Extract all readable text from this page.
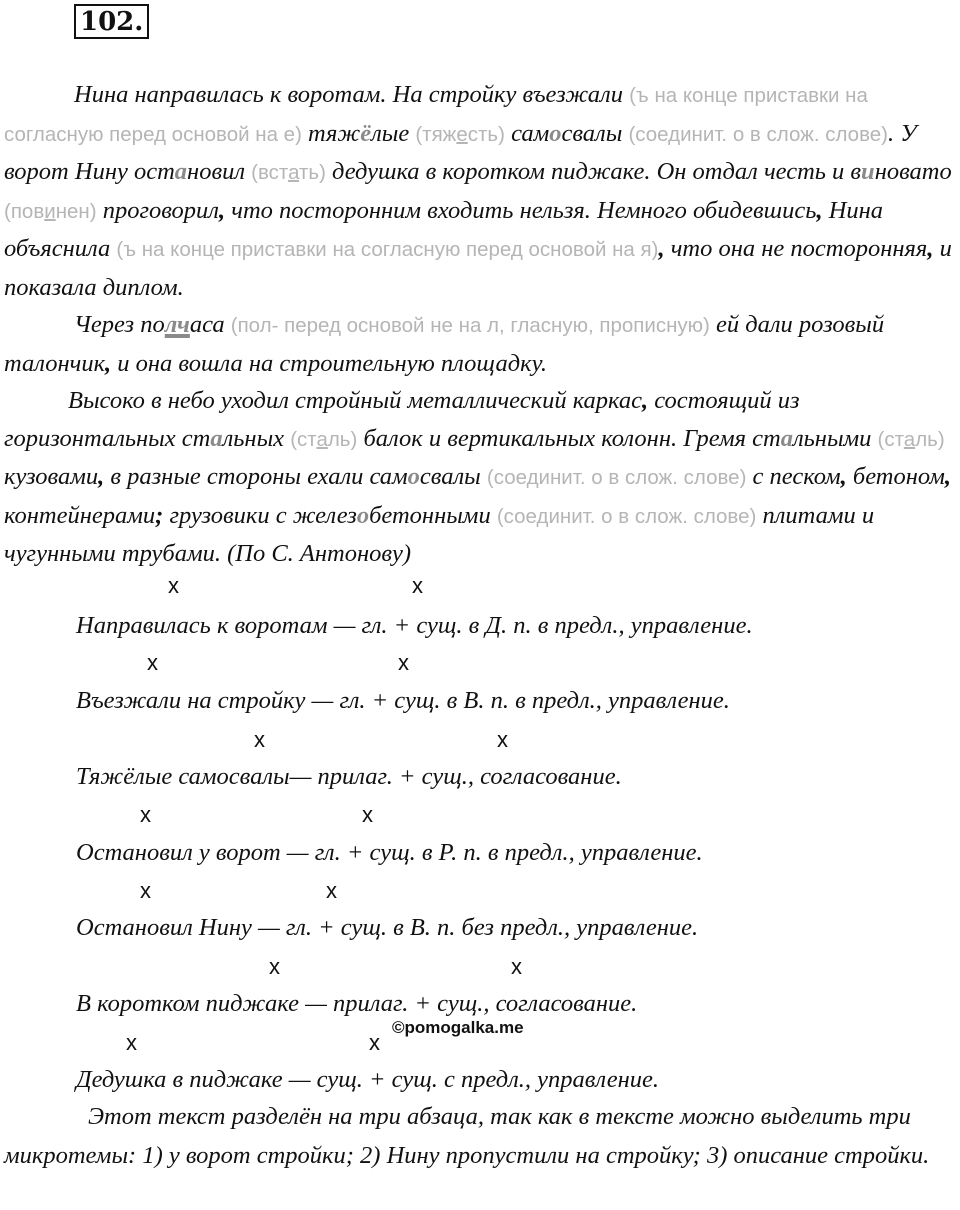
102.

Нина направилась к воротам. На стройку въезжали (ъ на конце приставки на согласную перед основой на е) тяжёлые (тяжесть) самосвалы (соединит. о в слож. слове). У ворот Нину остановил (встать) дедушка в коротком пиджаке. Он отдал честь и виновато (повинен) проговорил, что посторонним входить нельзя. Немного обидевшись, Нина объяснила (ъ на конце приставки на согласную перед основой на я), что она не посторонняя, и показала диплом.

Через полчаса (пол- перед основой не на л, гласную, прописную) ей дали розовый талончик, и она вошла на строительную площадку.

Высоко в небо уходил стройный металлический каркас, состоящий из горизонтальных стальных (сталь) балок и вертикальных колонн. Гремя стальными (сталь) кузовами, в разные стороны ехали самосвалы (соединит. о в слож. слове) с песком, бетоном, контейнерами; грузовики с железобетонными (соединит. о в слож. слове) плитами и чугунными трубами. (По С. Антонову)

x	x
x	x
x	x
x	x
x	x
x	x
x	x
Направилась к воротам — гл. + сущ. в Д. п. в предл., управление.
Въезжали на стройку — гл. + сущ. в В. п. в предл., управление.
Тяжёлые самосвалы— прилаг. + сущ., согласование.
Остановил у ворот — гл. + сущ. в Р. п. в предл., управление.
Остановил Нину — гл. + сущ. в В. п. без предл., управление.
В коротком пиджаке — прилаг. + сущ., согласование.
Дедушка в пиджаке — сущ. + сущ. с предл., управление.
©pomogalka.me

Этот текст разделён на три абзаца, так как в тексте можно выделить три микротемы: 1) у ворот стройки; 2) Нину пропустили на стройку; 3) описание стройки.
